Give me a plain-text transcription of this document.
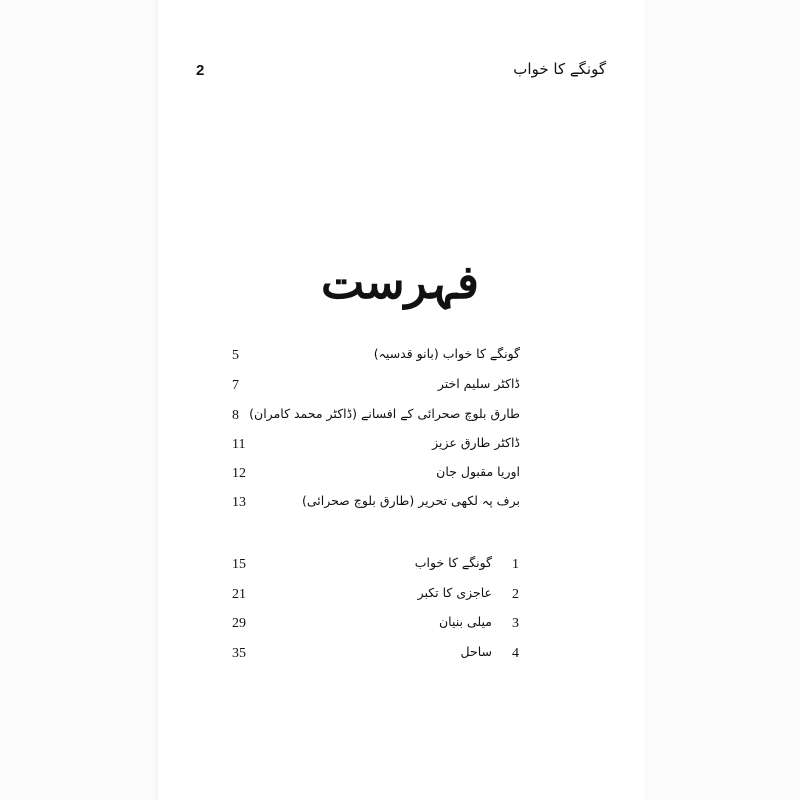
2	گونگے کا خواب
فہرست
5	گونگے کا خواب (بانو قدسیہ)
7	ڈاکٹر سلیم اختر
8 طارق بلوچ صحرائی کے افسانے (ڈاکٹر محمد کامران)
11	ڈاکٹر طارق عزیز
12	اوریا مقبول جان
13	برف پہ لکھی تحریر (طارق بلوچ صحرائی)
15	گونگے کا خواب 1
21	عاجزی کا تکبر 2
29	میلی بنیان 3
35	ساحل 4
